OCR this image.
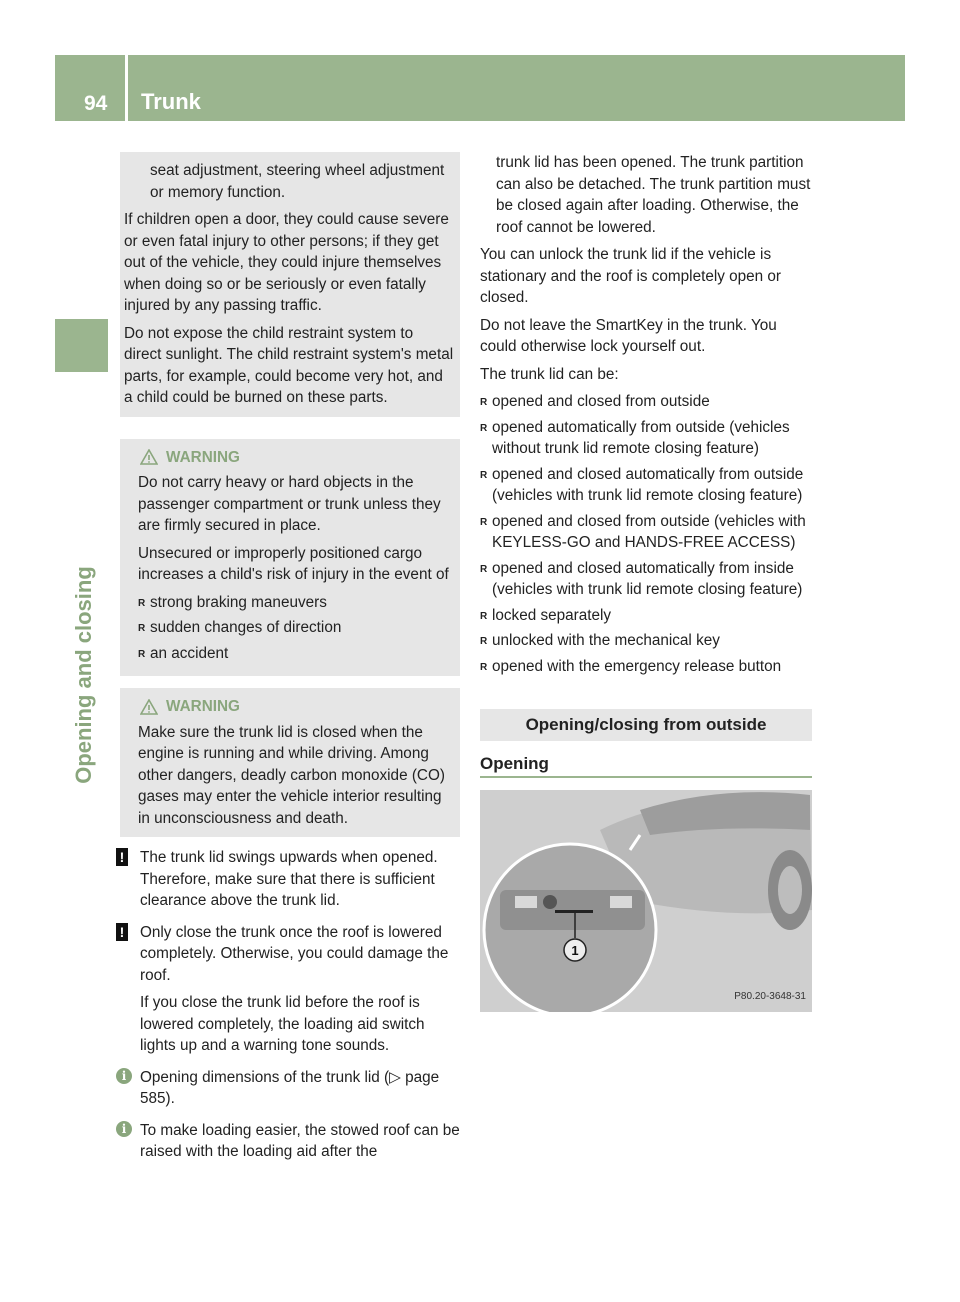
94 Trunk
Opening and closing

seat adjustment, steering wheel adjustment or memory function.

If children open a door, they could cause severe or even fatal injury to other persons; if they get out of the vehicle, they could injure themselves when doing so or be seriously or even fatally injured by any passing traffic.

Do not expose the child restraint system to direct sunlight. The child restraint system's metal parts, for example, could become very hot, and a child could be burned on these parts.

WARNING

Do not carry heavy or hard objects in the passenger compartment or trunk unless they are firmly secured in place.

Unsecured or improperly positioned cargo increases a child's risk of injury in the event of

R strong braking maneuvers
R sudden changes of direction
R an accident
WARNING

Make sure the trunk lid is closed when the engine is running and while driving. Among other dangers, deadly carbon monoxide (CO) gases may enter the vehicle interior resulting in unconsciousness and death.

! The trunk lid swings upwards when opened. Therefore, make sure that there is sufficient clearance above the trunk lid.

! Only close the trunk once the roof is lowered completely. Otherwise, you could damage the roof.

If you close the trunk lid before the roof is lowered completely, the loading aid switch lights up and a warning tone sounds.

i Opening dimensions of the trunk lid (▷ page 585).

i To make loading easier, the stowed roof can be raised with the loading aid after the

trunk lid has been opened. The trunk partition can also be detached. The trunk partition must be closed again after loading. Otherwise, the roof cannot be lowered.

You can unlock the trunk lid if the vehicle is stationary and the roof is completely open or closed.

Do not leave the SmartKey in the trunk. You could otherwise lock yourself out.

The trunk lid can be:

R opened and closed from outside
R opened automatically from outside (vehicles without trunk lid remote closing feature)
R opened and closed automatically from outside (vehicles with trunk lid remote closing feature)
R opened and closed from outside (vehicles with KEYLESS-GO and HANDS-FREE ACCESS)
R opened and closed automatically from inside (vehicles with trunk lid remote closing feature)
R locked separately
R unlocked with the mechanical key
R opened with the emergency release button
Opening/closing from outside
Opening
1
P80.20-3648-31
